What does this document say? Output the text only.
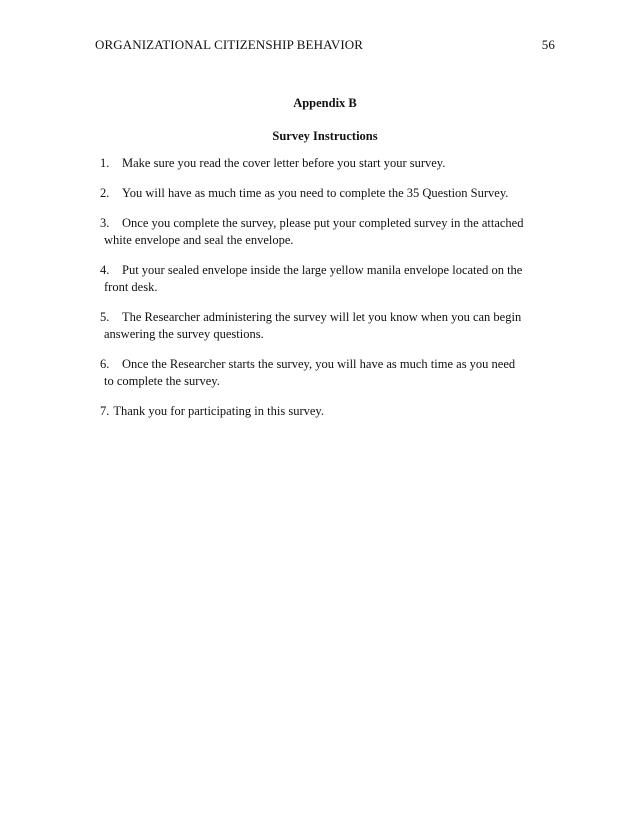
ORGANIZATIONAL CITIZENSHIP BEHAVIOR	56
Appendix B
Survey Instructions
1. Make sure you read the cover letter before you start your survey.
2. You will have as much time as you need to complete the 35 Question Survey.
3. Once you complete the survey, please put your completed survey in the attached
white envelope and seal the envelope.
4. Put your sealed envelope inside the large yellow manila envelope located on the
front desk.
5. The Researcher administering the survey will let you know when you can begin
answering the survey questions.
6. Once the Researcher starts the survey, you will have as much time as you need
to complete the survey.
7. Thank you for participating in this survey.
